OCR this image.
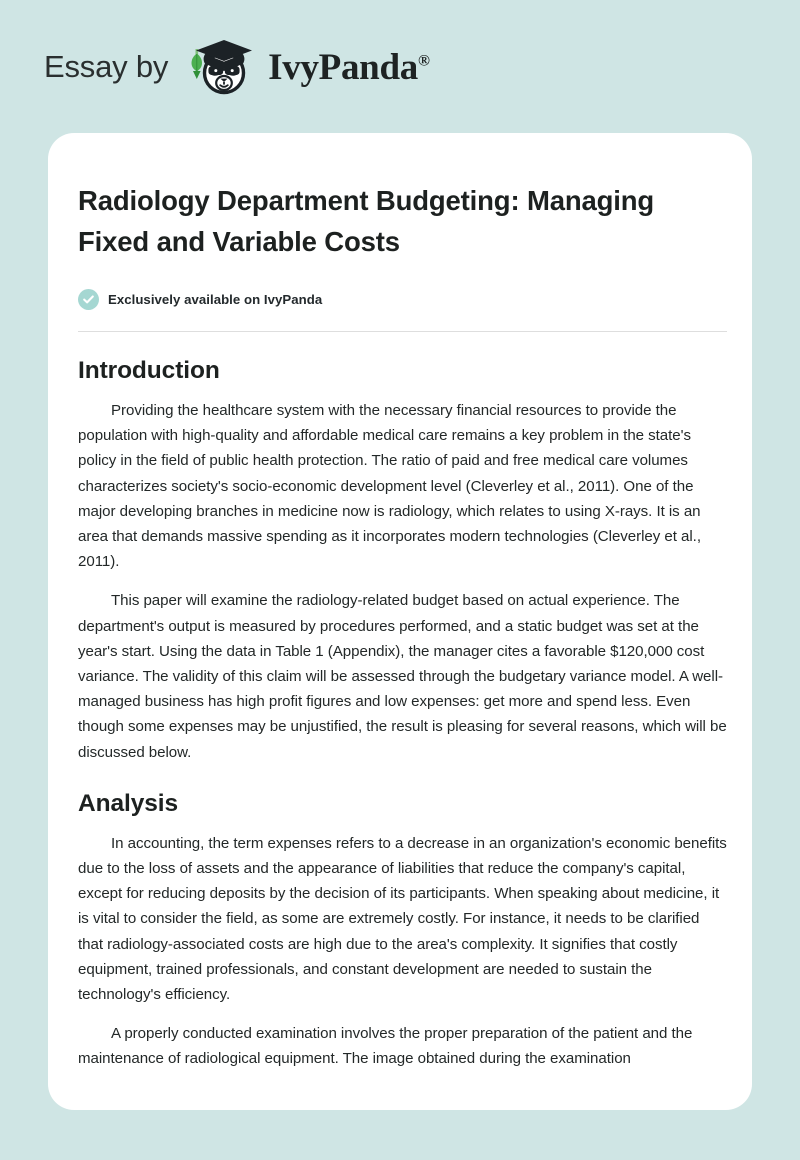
Essay by	IvyPanda®
Radiology Department Budgeting: Managing Fixed and Variable Costs
Exclusively available on IvyPanda
Introduction

Providing the healthcare system with the necessary financial resources to provide the population with high-quality and affordable medical care remains a key problem in the state's policy in the field of public health protection. The ratio of paid and free medical care volumes characterizes society's socio-economic development level (Cleverley et al., 2011). One of the major developing branches in medicine now is radiology, which relates to using X-rays. It is an area that demands massive spending as it incorporates modern technologies (Cleverley et al., 2011).

This paper will examine the radiology-related budget based on actual experience. The department's output is measured by procedures performed, and a static budget was set at the year's start. Using the data in Table 1 (Appendix), the manager cites a favorable $120,000 cost variance. The validity of this claim will be assessed through the budgetary variance model. A well-managed business has high profit figures and low expenses: get more and spend less. Even though some expenses may be unjustified, the result is pleasing for several reasons, which will be discussed below.

Analysis

In accounting, the term expenses refers to a decrease in an organization's economic benefits due to the loss of assets and the appearance of liabilities that reduce the company's capital, except for reducing deposits by the decision of its participants. When speaking about medicine, it is vital to consider the field, as some are extremely costly. For instance, it needs to be clarified that radiology-associated costs are high due to the area's complexity. It signifies that costly equipment, trained professionals, and constant development are needed to sustain the technology's efficiency.

A properly conducted examination involves the proper preparation of the patient and the maintenance of radiological equipment. The image obtained during the examination
